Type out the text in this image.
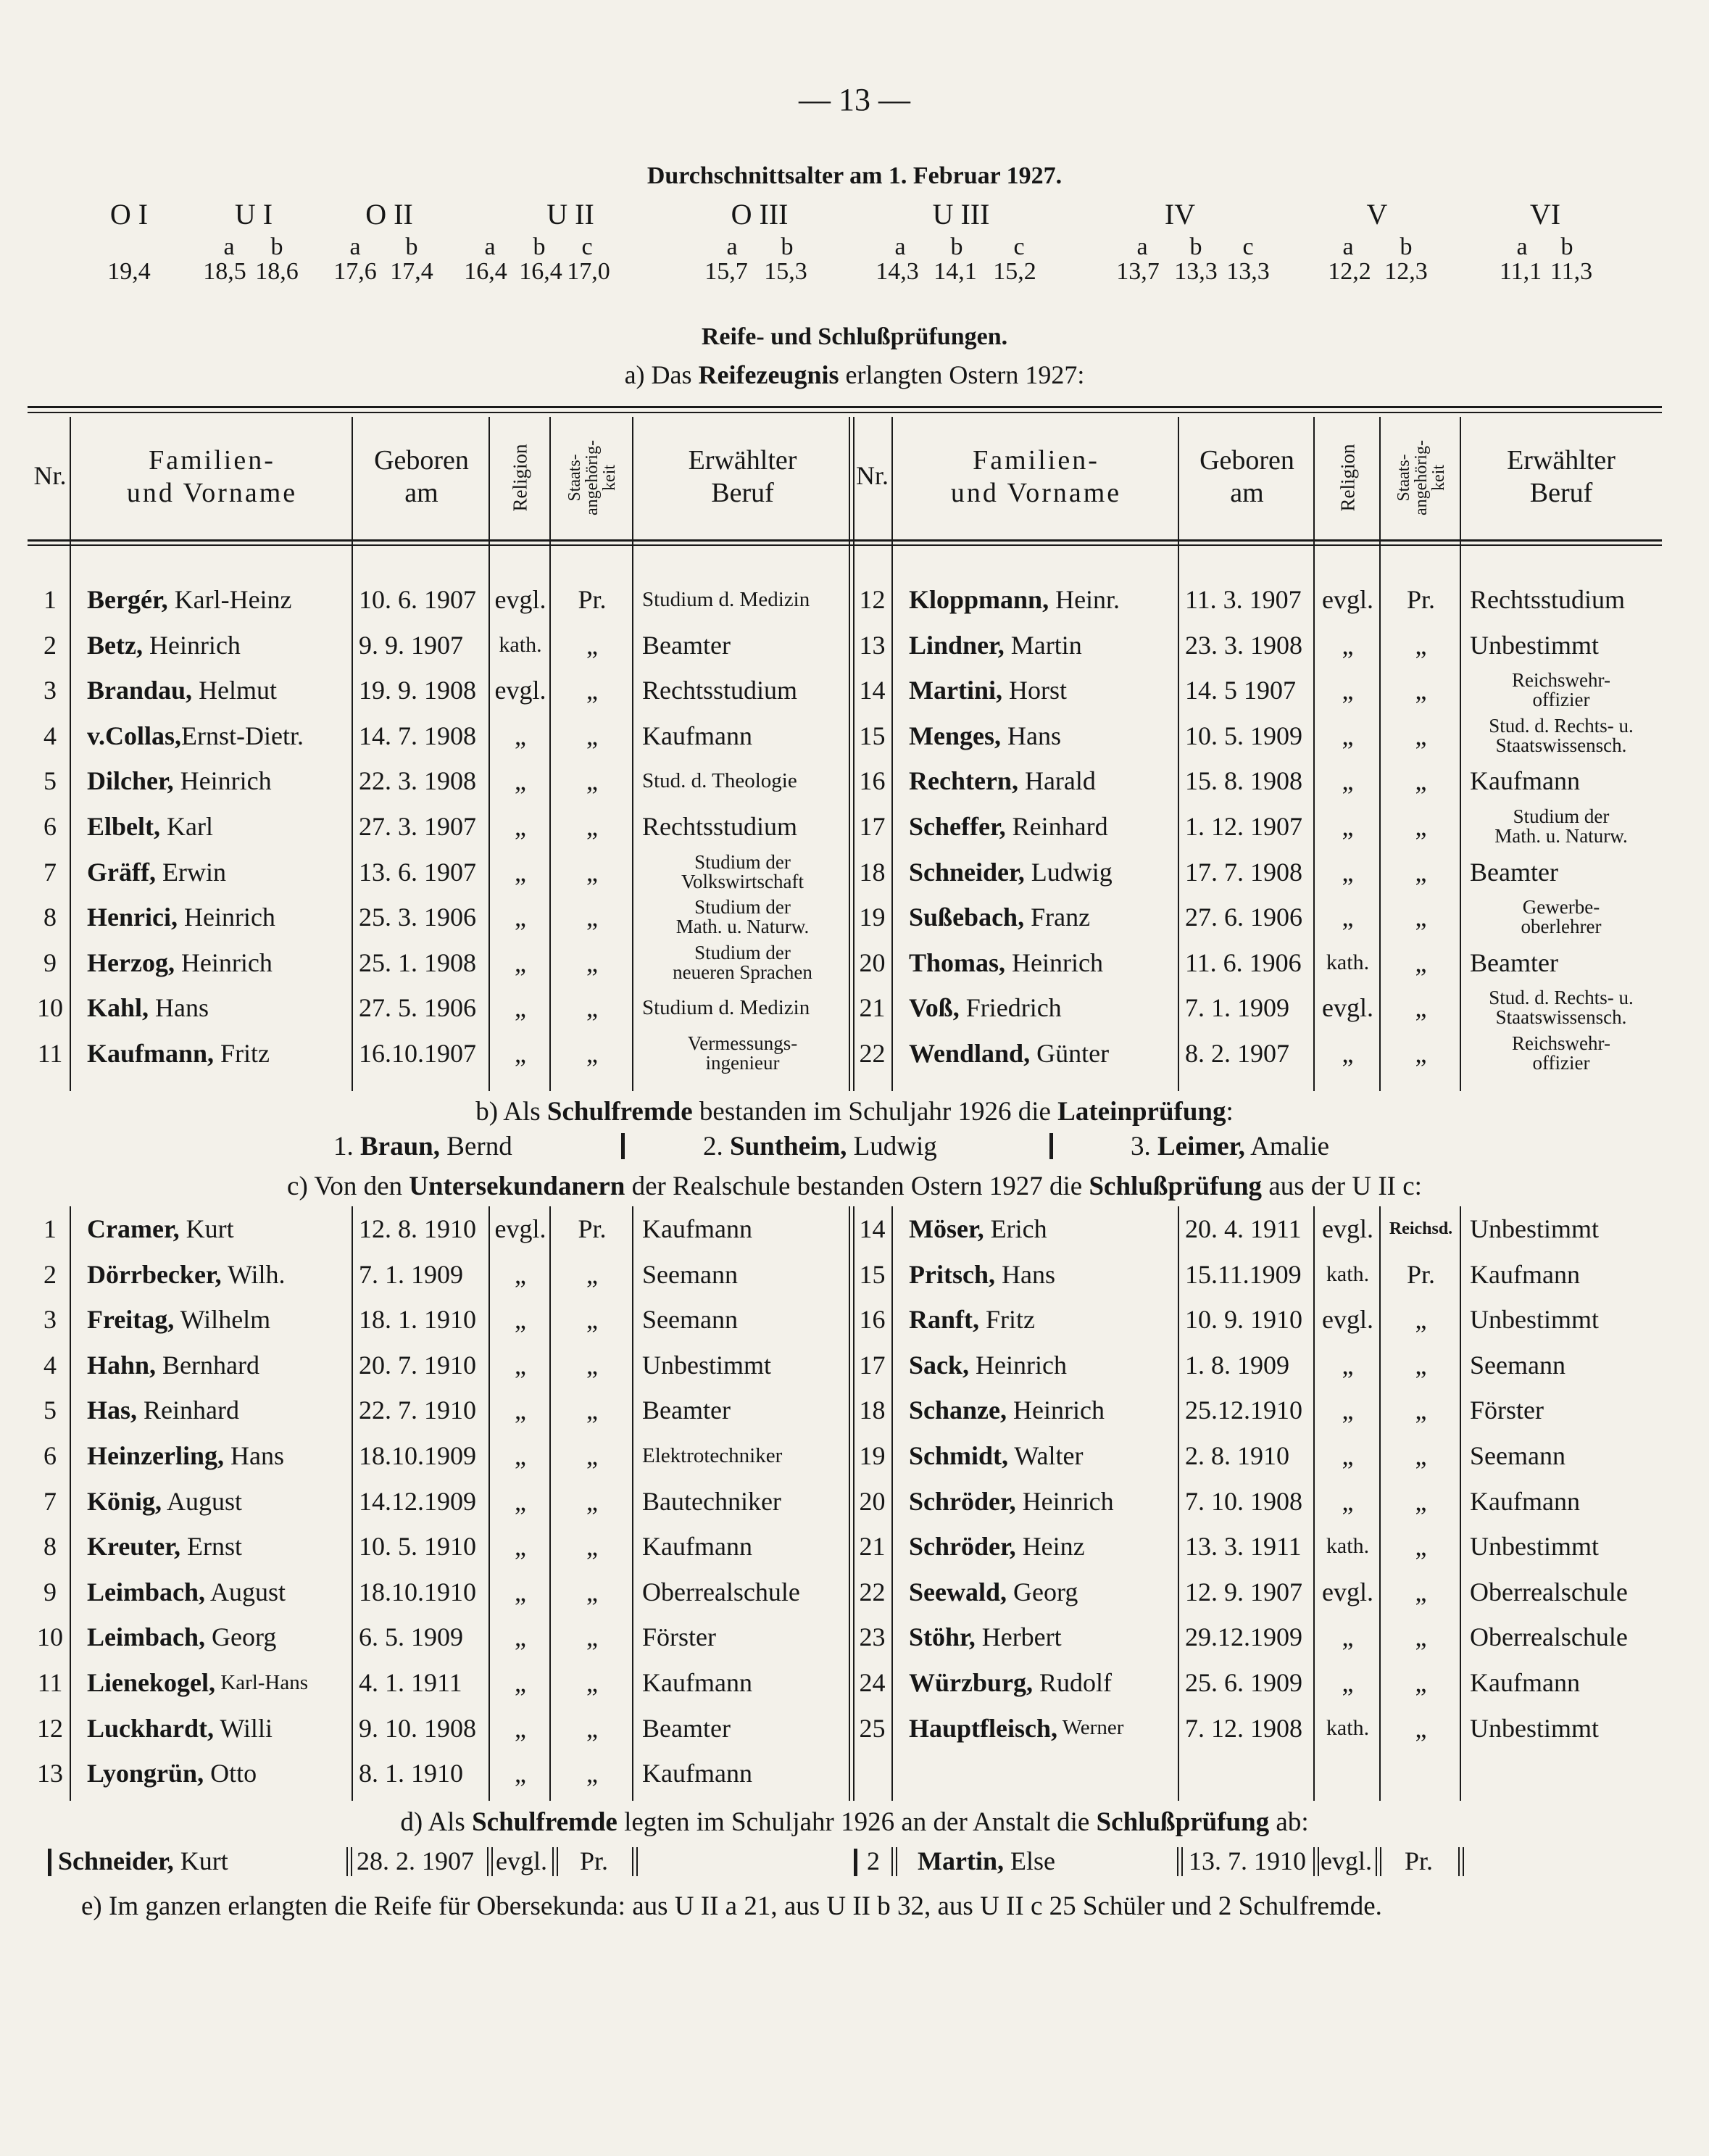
— 13 —
Durchschnittsalter am 1. Februar 1927.
O I	U I	O II	U II	O III	U III	IV	V	VI
a	b	a	b	a	b	c	a	b	a	b	c	a	b	c	a	b	a	b
19,4	18,5 18,6	17,6 17,4	16,4 16,4 17,0	15,7 15,3	14,3 14,1 15,2	13,7 13,3 13,3	12,2 12,3	11,1 11,3
Reife- und Schlußprüfungen.
a) Das Reifezeugnis erlangten Ostern 1927:
Nr.	Familien-
und Vorname
Geboren
am	Religion Staats-
angehörig-
keit
Erwählter
Beruf
Nr.	Familien-
und Vorname
Geboren
am	Religion Staats-
angehörig-
keit
Erwählter
Beruf
1	Bergér, Karl-Heinz	10. 6. 1907 evgl.	Pr.	Studium d. Medizin
2	Betz, Heinrich	9. 9. 1907	kath.	„	Beamter
3	Brandau, Helmut	19. 9. 1908 evgl.	„	Rechtsstudium
4	v.Collas, Ernst-Dietr. 14. 7. 1908	„	„	Kaufmann
5	Dilcher, Heinrich	22. 3. 1908	„	„	Stud. d. Theologie
6	Elbelt, Karl	27. 3. 1907	„	„	Rechtsstudium
7	Gräff, Erwin	13. 6. 1907	„	„	Studium der
Volkswirtschaft
8	Henrici, Heinrich	25. 3. 1906	„	„	Studium der
Math. u. Naturw.
9	Herzog, Heinrich	25. 1. 1908	„	„	Studium der
neueren Sprachen
10 Kahl, Hans	27. 5. 1906	„	„	Studium d. Medizin
11 Kaufmann, Fritz	16.10.1907	„	„	Vermessungs-
ingenieur
12 Kloppmann, Heinr. 11. 3. 1907 evgl.	Pr.	Rechtsstudium
13 Lindner, Martin	23. 3. 1908	„	„	Unbestimmt
14 Martini, Horst	14. 5 1907	„	„	Reichswehr-
offizier
15 Menges, Hans	10. 5. 1909	„	„	Stud. d. Rechts- u.
Staatswissensch.
16 Rechtern, Harald	15. 8. 1908	„	„	Kaufmann
17 Scheffer, Reinhard	1. 12. 1907	„	„	Studium der
Math. u. Naturw.
18 Schneider, Ludwig	17. 7. 1908	„	„	Beamter
19 Sußebach, Franz	27. 6. 1906	„	„	Gewerbe-
oberlehrer
20 Thomas, Heinrich	11. 6. 1906	kath.	„	Beamter
21 Voß, Friedrich	7. 1. 1909	evgl.	„	Stud. d. Rechts- u.
Staatswissensch.
22 Wendland, Günter	8. 2. 1907	„	„	Reichswehr-
offizier
b) Als Schulfremde bestanden im Schuljahr 1926 die Lateinprüfung:
1. Braun, Bernd	2. Suntheim, Ludwig	3. Leimer, Amalie
c) Von den Untersekundanern der Realschule bestanden Ostern 1927 die Schlußprüfung aus der U II c:
1	Cramer, Kurt	12. 8. 1910 evgl.	Pr.	Kaufmann
2	Dörrbecker, Wilh.	7. 1. 1909	„	„	Seemann
3	Freitag, Wilhelm	18. 1. 1910	„	„	Seemann
4	Hahn, Bernhard	20. 7. 1910	„	„	Unbestimmt
5	Has, Reinhard	22. 7. 1910	„	„	Beamter
6	Heinzerling, Hans	18.10.1909	„	„	Elektrotechniker
7	König, August	14.12.1909	„	„	Bautechniker
8	Kreuter, Ernst	10. 5. 1910	„	„	Kaufmann
9	Leimbach, August	18.10.1910	„	„	Oberrealschule
10 Leimbach, Georg	6. 5. 1909	„	„	Förster
11 Lienekogel, Karl-Hans 4. 1. 1911	„	„	Kaufmann
12 Luckhardt, Willi	9. 10. 1908	„	„	Beamter
13 Lyongrün, Otto	8. 1. 1910	„	„	Kaufmann
14 Möser, Erich	20. 4. 1911 evgl. Reichsd. Unbestimmt
15 Pritsch, Hans	15.11.1909	kath.	Pr.	Kaufmann
16 Ranft, Fritz	10. 9. 1910 evgl.	„	Unbestimmt
17 Sack, Heinrich	1. 8. 1909	„	„	Seemann
18 Schanze, Heinrich	25.12.1910	„	„	Förster
19 Schmidt, Walter	2. 8. 1910	„	„	Seemann
20 Schröder, Heinrich	7. 10. 1908	„	„	Kaufmann
21 Schröder, Heinz	13. 3. 1911	kath.	„	Unbestimmt
22 Seewald, Georg	12. 9. 1907 evgl.	„	Oberrealschule
23 Stöhr, Herbert	29.12.1909	„	„	Oberrealschule
24 Würzburg, Rudolf	25. 6. 1909	„	„	Kaufmann
25 Hauptfleisch, Werner 7. 12. 1908	kath.	„	Unbestimmt
d) Als Schulfremde legten im Schuljahr 1926 an der Anstalt die Schlußprüfung ab:
Schneider, Kurt	28. 2. 1907 evgl. Pr.	2 Martin, Else	13. 7. 1910 evgl. Pr.
e) Im ganzen erlangten die Reife für Obersekunda: aus U II a 21, aus U II b 32, aus U II c 25 Schüler und 2 Schulfremde.
